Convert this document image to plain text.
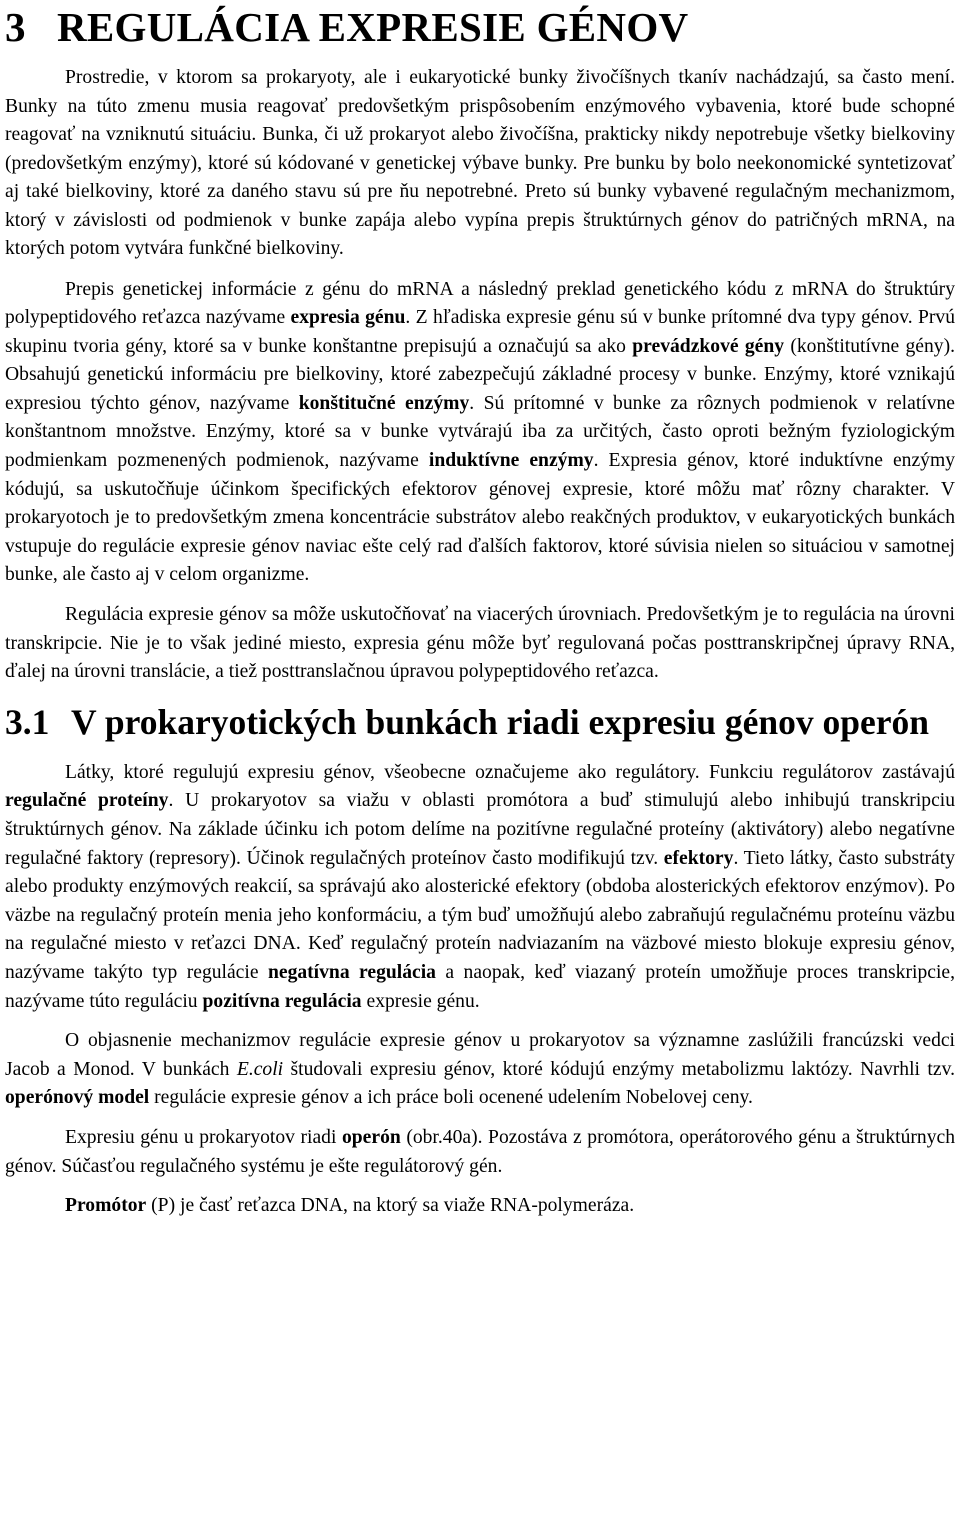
3 REGULÁCIA EXPRESIE GÉNOV

Prostredie, v ktorom sa prokaryoty, ale i eukaryotické bunky živočíšnych tkanív nachádzajú, sa často mení. Bunky na túto zmenu musia reagovať predovšetkým prispôsobením enzýmového vybavenia, ktoré bude schopné reagovať na vzniknutú situáciu. Bunka, či už prokaryot alebo živočíšna, prakticky nikdy nepotrebuje všetky bielkoviny (predovšetkým enzýmy), ktoré sú kódované v genetickej výbave bunky. Pre bunku by bolo neekonomické syntetizovať aj také bielkoviny, ktoré za daného stavu sú pre ňu nepotrebné. Preto sú bunky vybavené regulačným mechanizmom, ktorý v závislosti od podmienok v bunke zapája alebo vypína prepis štruktúrnych génov do patričných mRNA, na ktorých potom vytvára funkčné bielkoviny.

Prepis genetickej informácie z génu do mRNA a následný preklad genetického kódu z mRNA do štruktúry polypeptidového reťazca nazývame expresia génu. Z hľadiska expresie génu sú v bunke prítomné dva typy génov. Prvú skupinu tvoria gény, ktoré sa v bunke konštantne prepisujú a označujú sa ako prevádzkové gény (konštitutívne gény). Obsahujú genetickú informáciu pre bielkoviny, ktoré zabezpečujú základné procesy v bunke. Enzýmy, ktoré vznikajú expresiou týchto génov, nazývame konštitučné enzýmy. Sú prítomné v bunke za rôznych podmienok v relatívne konštantnom množstve. Enzýmy, ktoré sa v bunke vytvárajú iba za určitých, často oproti bežným fyziologickým podmienkam pozmenených podmienok, nazývame induktívne enzýmy. Expresia génov, ktoré induktívne enzýmy kódujú, sa uskutočňuje účinkom špecifických efektorov génovej expresie, ktoré môžu mať rôzny charakter. V prokaryotoch je to predovšetkým zmena koncentrácie substrátov alebo reakčných produktov, v eukaryotických bunkách vstupuje do regulácie expresie génov naviac ešte celý rad ďalších faktorov, ktoré súvisia nielen so situáciou v samotnej bunke, ale často aj v celom organizme.

Regulácia expresie génov sa môže uskutočňovať na viacerých úrovniach. Predovšetkým je to regulácia na úrovni transkripcie. Nie je to však jediné miesto, expresia génu môže byť regulovaná počas posttranskripčnej úpravy RNA, ďalej na úrovni translácie, a tiež posttranslačnou úpravou polypeptidového reťazca.

3.1 V prokaryotických bunkách riadi expresiu génov operón

Látky, ktoré regulujú expresiu génov, všeobecne označujeme ako regulátory. Funkciu regulátorov zastávajú regulačné proteíny. U prokaryotov sa viažu v oblasti promótora a buď stimulujú alebo inhibujú transkripciu štruktúrnych génov. Na základe účinku ich potom delíme na pozitívne regulačné proteíny (aktivátory) alebo negatívne regulačné faktory (represory). Účinok regulačných proteínov často modifikujú tzv. efektory. Tieto látky, často substráty alebo produkty enzýmových reakcií, sa správajú ako alosterické efektory (obdoba alosterických efektorov enzýmov). Po väzbe na regulačný proteín menia jeho konformáciu, a tým buď umožňujú alebo zabraňujú regulačnému proteínu väzbu na regulačné miesto v reťazci DNA. Keď regulačný proteín nadviazaním na väzbové miesto blokuje expresiu génov, nazývame takýto typ regulácie negatívna regulácia a naopak, keď viazaný proteín umožňuje proces transkripcie, nazývame túto reguláciu pozitívna regulácia expresie génu.

O objasnenie mechanizmov regulácie expresie génov u prokaryotov sa významne zaslúžili francúzski vedci Jacob a Monod. V bunkách E.coli študovali expresiu génov, ktoré kódujú enzýmy metabolizmu laktózy. Navrhli tzv. operónový model regulácie expresie génov a ich práce boli ocenené udelením Nobelovej ceny.

Expresiu génu u prokaryotov riadi operón (obr.40a). Pozostáva z promótora, operátorového génu a štruktúrnych génov. Súčasťou regulačného systému je ešte regulátorový gén.

Promótor (P) je časť reťazca DNA, na ktorý sa viaže RNA-polymeráza.
